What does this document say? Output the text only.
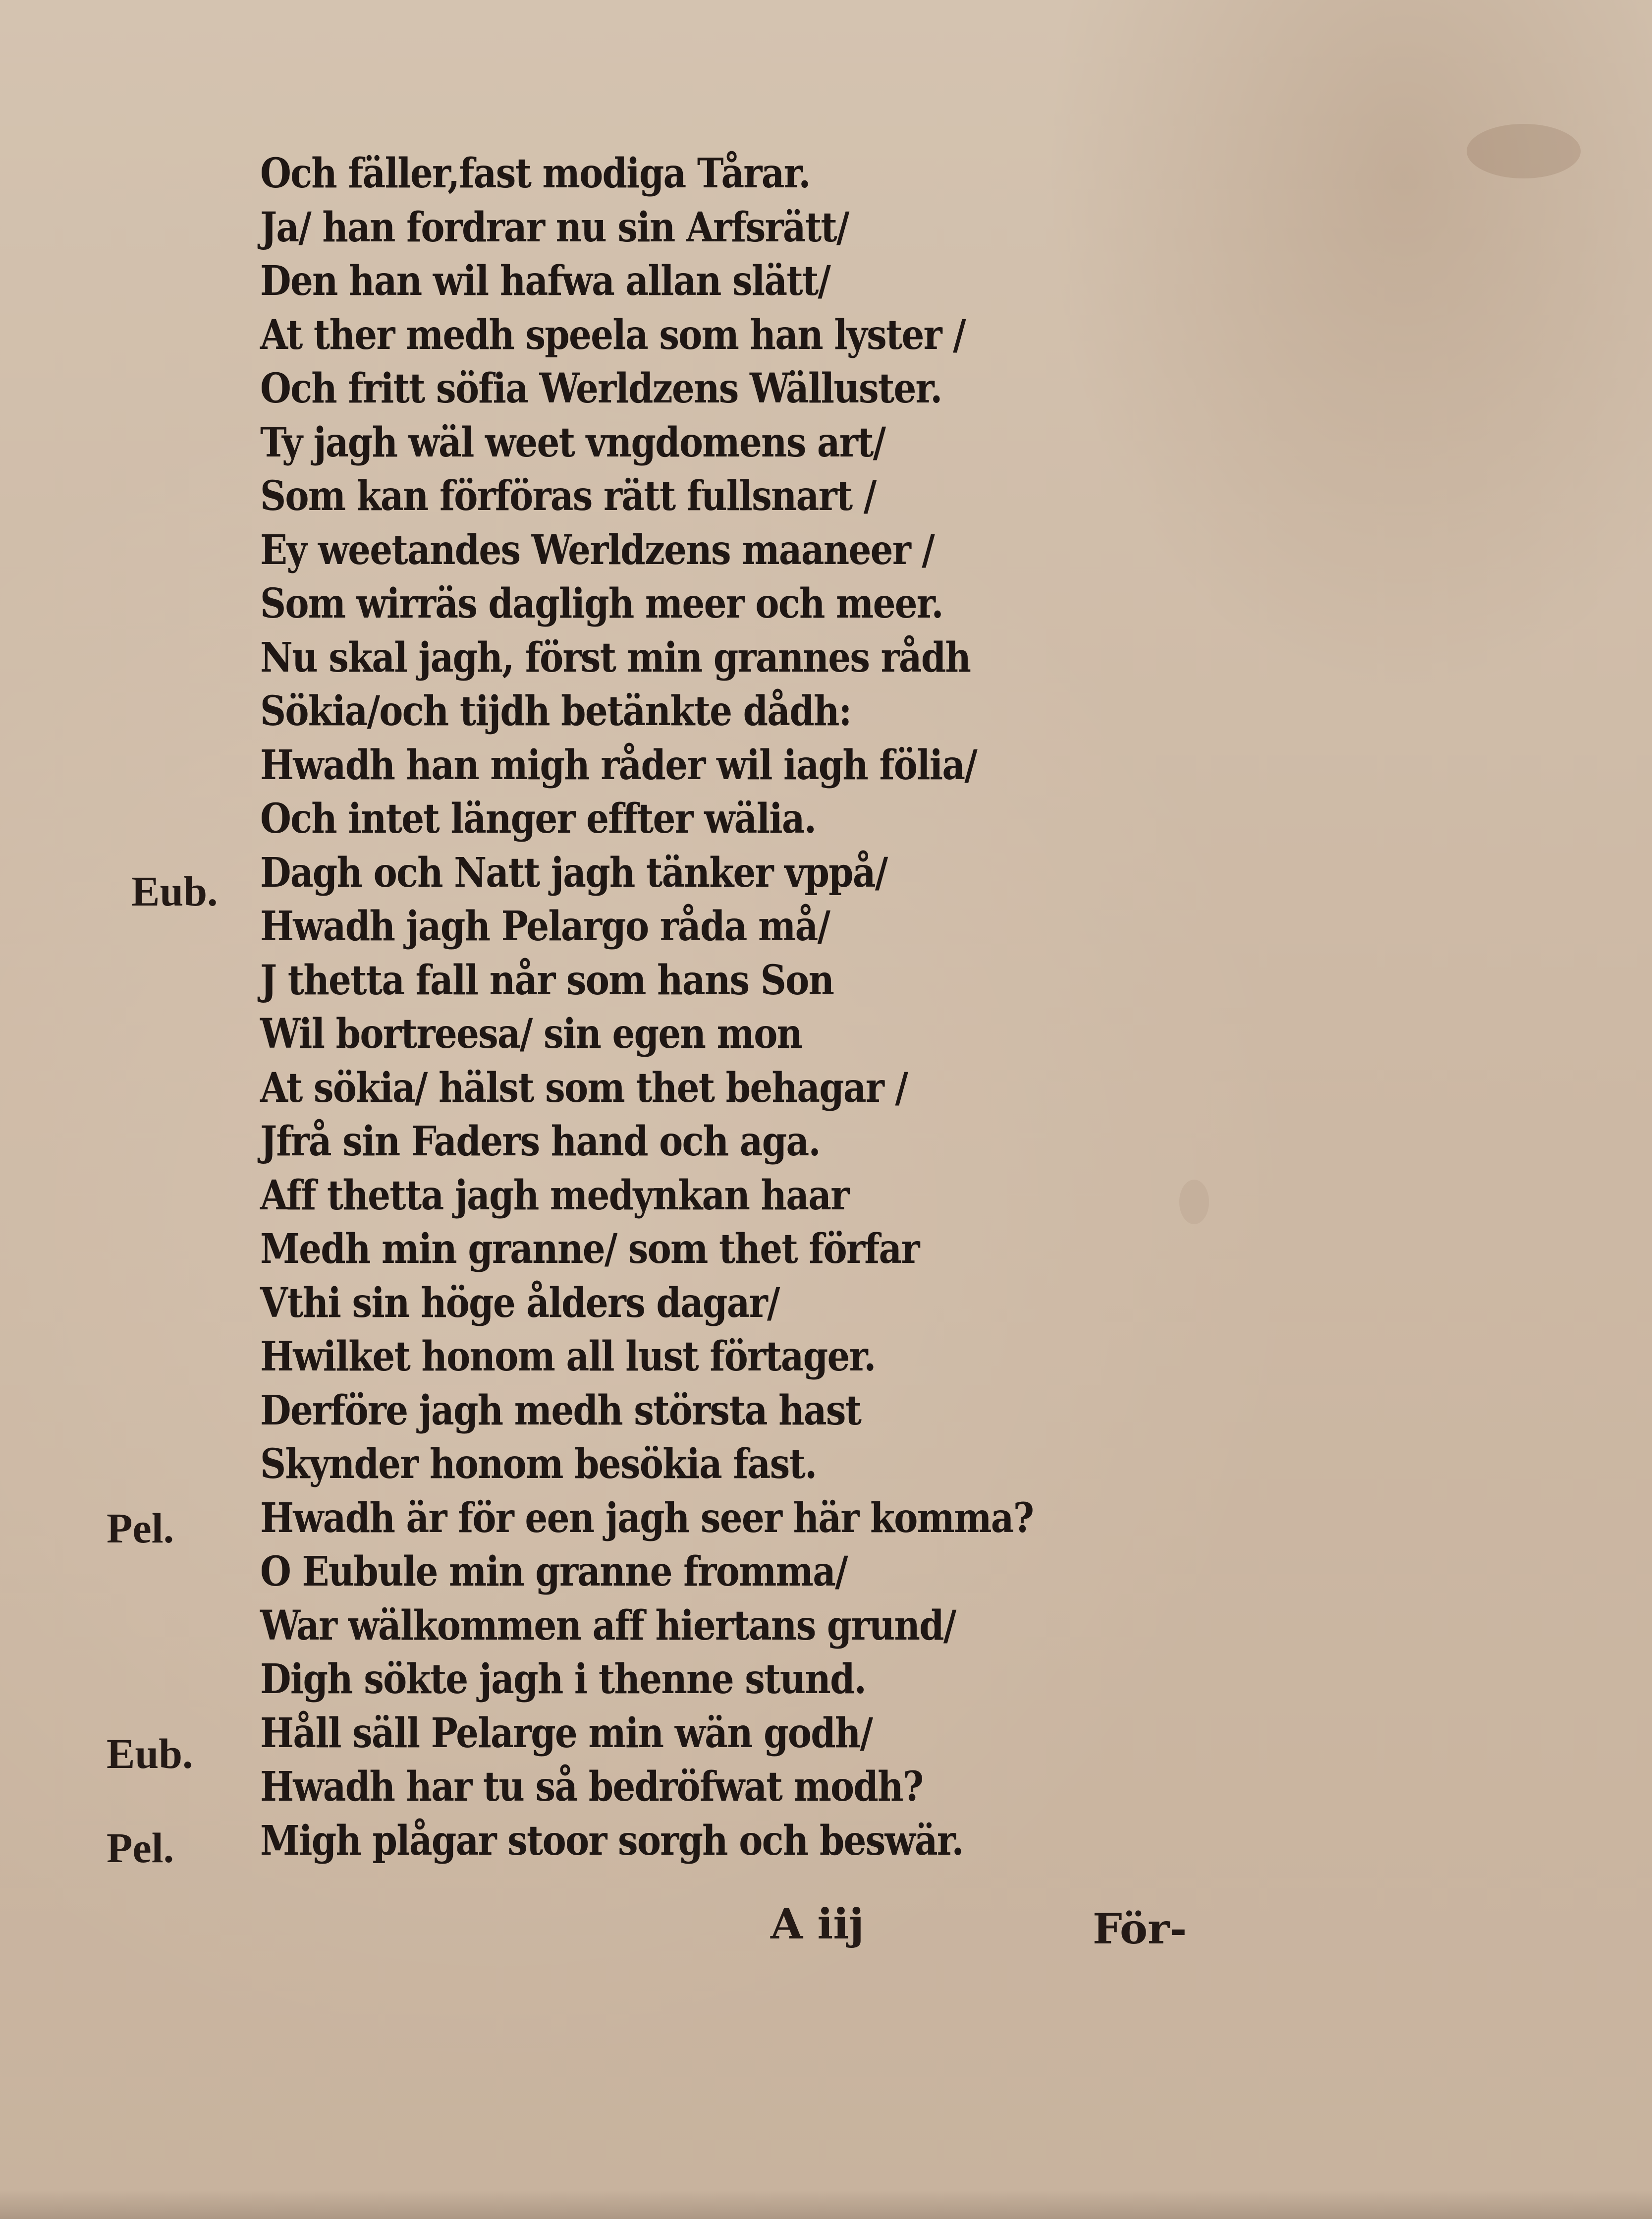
Och fäller,fast modiga Tårar.
Ja/ han fordrar nu sin Arfsrätt/
Den han wil hafwa allan slätt/
At ther medh speela som han lyster /
Och fritt söfia Werldzens Wälluster.
Ty jagh wäl weet vngdomens art/
Som kan förföras rätt fullsnart /
Ey weetandes Werldzens maaneer /
Som wirräs dagligh meer och meer.
Nu skal jagh, först min grannes rådh
Sökia/och tijdh betänkte dådh:
Hwadh han migh råder wil iagh fölia/
Och intet länger effter wälia.
Dagh och Natt jagh tänker vppå/
Hwadh jagh Pelargo råda må/
J thetta fall når som hans Son
Wil bortreesa/ sin egen mon
At sökia/ hälst som thet behagar /
Jfrå sin Faders hand och aga.
Aff thetta jagh medynkan haar
Medh min granne/ som thet förfar
Vthi sin höge ålders dagar/
Hwilket honom all lust förtager.
Derföre jagh medh största hast
Skynder honom besökia fast.
Hwadh är för een jagh seer här komma?
O Eubule min granne fromma/
War wälkommen aff hiertans grund/
Digh sökte jagh i thenne stund.
Håll säll Pelarge min wän godh/
Hwadh har tu så bedröfwat modh?
Migh plågar stoor sorgh och beswär.
Eub.
Pel.
Eub.
Pel.
A iij	För-
